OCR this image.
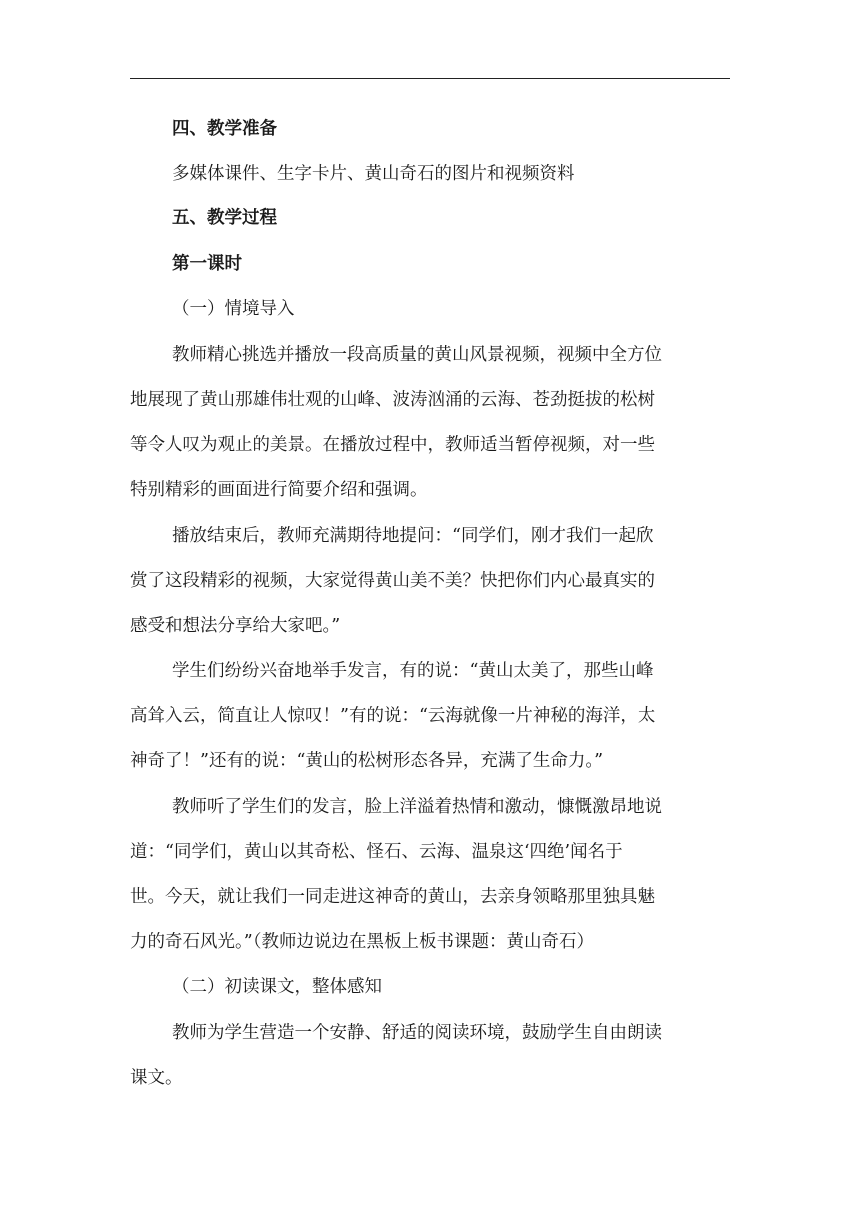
四、教学准备
多媒体课件、生字卡片、黄山奇石的图片和视频资料
五、教学过程
第一课时
（一）情境导入
教师精心挑选并播放一段高质量的黄山风景视频，视频中全方位
地展现了黄山那雄伟壮观的山峰、波涛汹涌的云海、苍劲挺拔的松树
等令人叹为观止的美景。在播放过程中，教师适当暂停视频，对一些
特别精彩的画面进行简要介绍和强调。
播放结束后，教师充满期待地提问：“同学们，刚才我们一起欣
赏了这段精彩的视频，大家觉得黄山美不美？快把你们内心最真实的
感受和想法分享给大家吧。”
学生们纷纷兴奋地举手发言，有的说：“黄山太美了，那些山峰
高耸入云，简直让人惊叹！”有的说：“云海就像一片神秘的海洋，太
神奇了！”还有的说：“黄山的松树形态各异，充满了生命力。”
教师听了学生们的发言，脸上洋溢着热情和激动，慷慨激昂地说
道：“同学们，黄山以其奇松、怪石、云海、温泉这‘四绝’闻名于
世。今天，就让我们一同走进这神奇的黄山，去亲身领略那里独具魅
力的奇石风光。”（教师边说边在黑板上板书课题：黄山奇石）
（二）初读课文，整体感知
教师为学生营造一个安静、舒适的阅读环境，鼓励学生自由朗读
课文。
